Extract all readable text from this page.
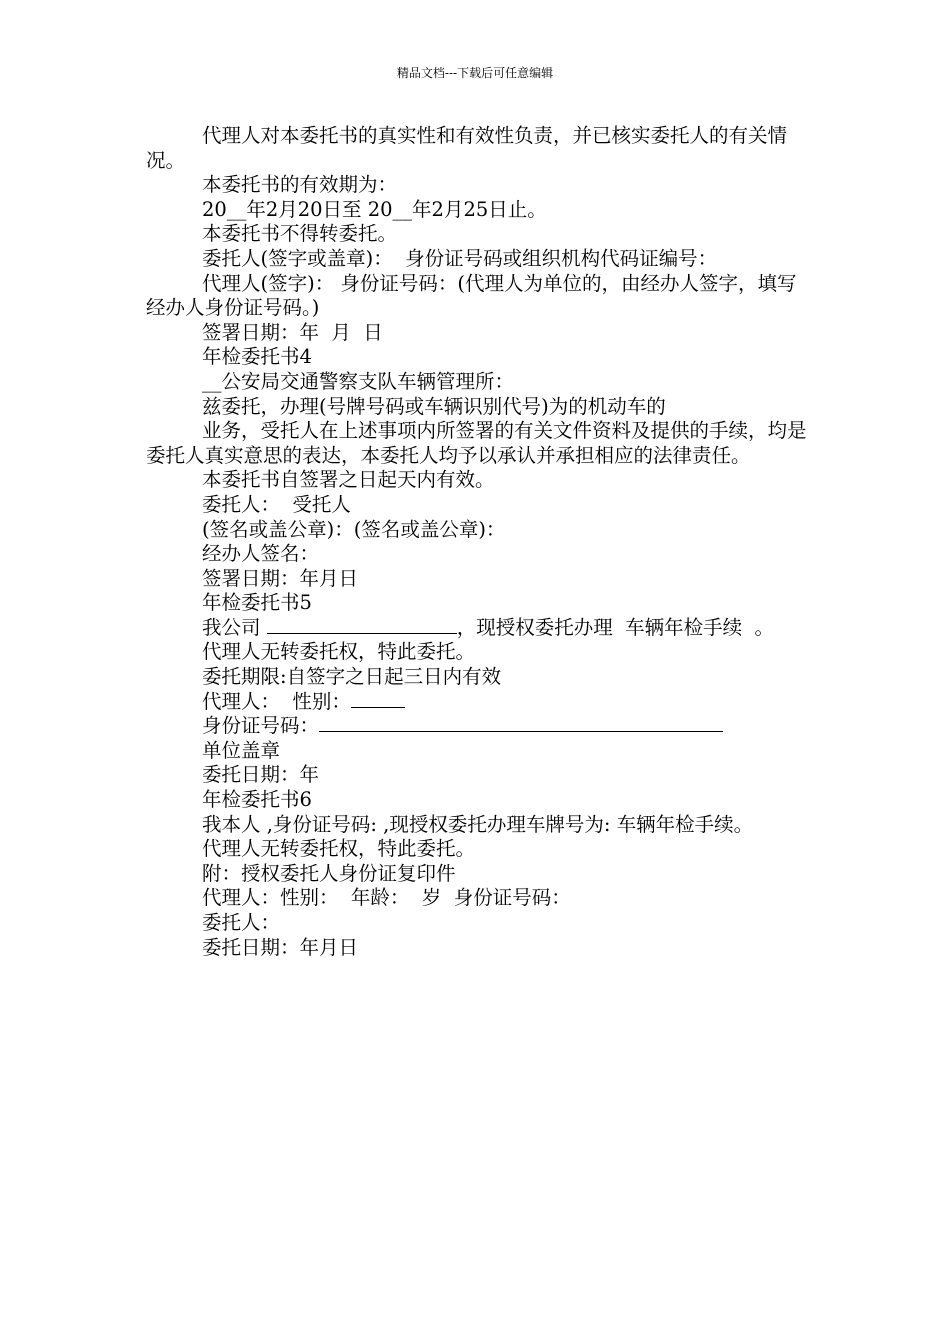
精品文档---下载后可任意编辑

代理人对本委托书的真实性和有效性负责，并已核实委托人的有关情况。

本委托书的有效期为：

20__年2月20日至 20__年2月25日止。

本委托书不得转委托。

委托人(签字或盖章)：  身份证号码或组织机构代码证编号：

代理人(签字)： 身份证号码：(代理人为单位的，由经办人签字，填写经办人身份证号码。)

签署日期：年  月  日

年检委托书4

__公安局交通警察支队车辆管理所：

兹委托，办理(号牌号码或车辆识别代号)为的机动车的

业务，受托人在上述事项内所签署的有关文件资料及提供的手续，均是委托人真实意思的表达，本委托人均予以承认并承担相应的法律责任。

本委托书自签署之日起天内有效。

委托人：  受托人

(签名或盖公章)：(签名或盖公章)：

经办人签名：

签署日期：年月日

年检委托书5

我公司	，现授权委托办理  车辆年检手续  。

代理人无转委托权，特此委托。

委托期限:自签字之日起三日内有效

代理人：  性别：

身份证号码：

单位盖章

委托日期：年

年检委托书6

我本人 ,身份证号码: ,现授权委托办理车牌号为: 车辆年检手续。

代理人无转委托权，特此委托。

附：授权委托人身份证复印件

代理人：性别：  年龄：  岁  身份证号码：

委托人：

委托日期：年月日
